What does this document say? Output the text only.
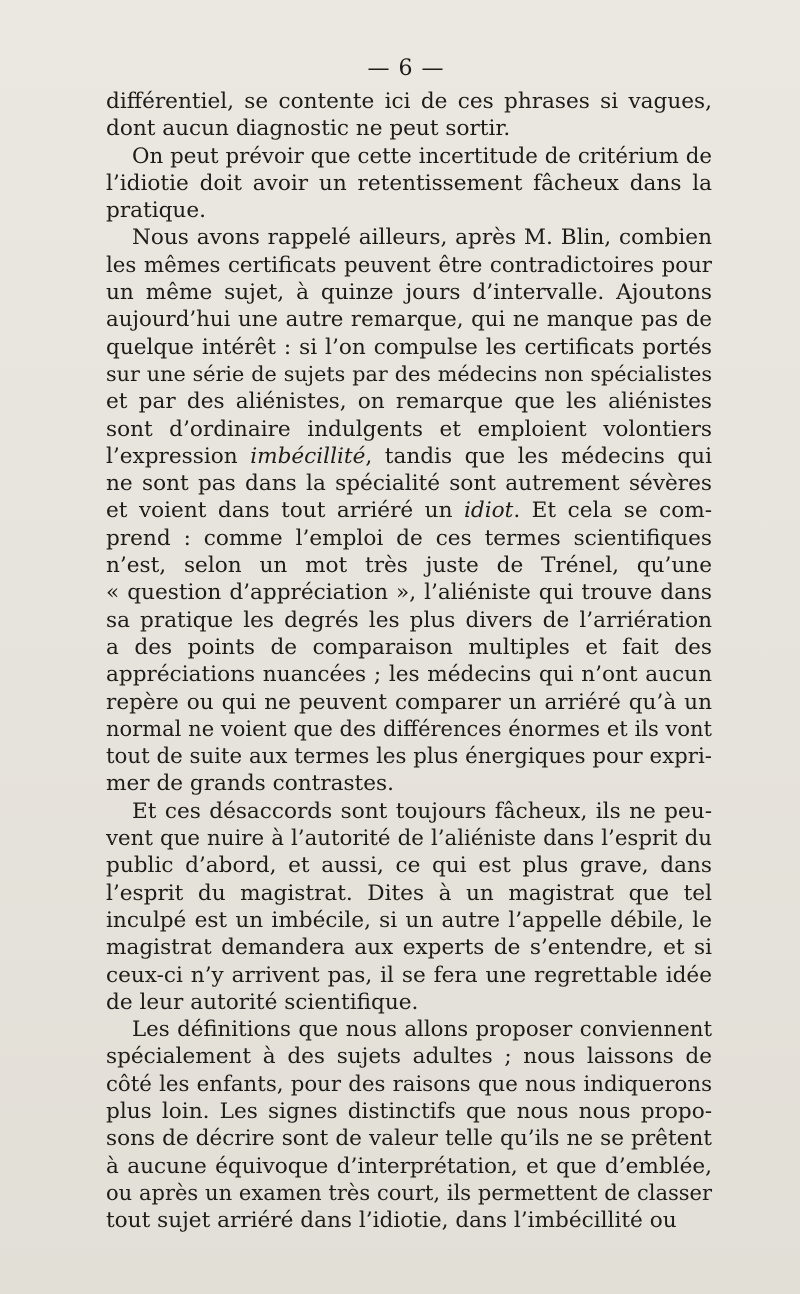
— 6 —
différentiel, se contente ici de ces phrases si vagues,
dont aucun diagnostic ne peut sortir.
On peut prévoir que cette incertitude de critérium de
l’idiotie doit avoir un retentissement fâcheux dans la
pratique.
Nous avons rappelé ailleurs, après M. Blin, combien
les mêmes certificats peuvent être contradictoires pour
un même sujet, à quinze jours d’intervalle. Ajoutons
aujourd’hui une autre remarque, qui ne manque pas de
quelque intérêt : si l’on compulse les certificats portés
sur une série de sujets par des médecins non spécialistes
et par des aliénistes, on remarque que les aliénistes
sont d’ordinaire indulgents et emploient volontiers
l’expression imbécillité, tandis que les médecins qui
ne sont pas dans la spécialité sont autrement sévères
et voient dans tout arriéré un idiot. Et cela se com-
prend : comme l’emploi de ces termes scientifiques
n’est, selon un mot très juste de Trénel, qu’une
« question d’appréciation », l’aliéniste qui trouve dans
sa pratique les degrés les plus divers de l’arriération
a des points de comparaison multiples et fait des
appréciations nuancées ; les médecins qui n’ont aucun
repère ou qui ne peuvent comparer un arriéré qu’à un
normal ne voient que des différences énormes et ils vont
tout de suite aux termes les plus énergiques pour expri-
mer de grands contrastes.
Et ces désaccords sont toujours fâcheux, ils ne peu-
vent que nuire à l’autorité de l’aliéniste dans l’esprit du
public d’abord, et aussi, ce qui est plus grave, dans
l’esprit du magistrat. Dites à un magistrat que tel
inculpé est un imbécile, si un autre l’appelle débile, le
magistrat demandera aux experts de s’entendre, et si
ceux-ci n’y arrivent pas, il se fera une regrettable idée
de leur autorité scientifique.
Les définitions que nous allons proposer conviennent
spécialement à des sujets adultes ; nous laissons de
côté les enfants, pour des raisons que nous indiquerons
plus loin. Les signes distinctifs que nous nous propo-
sons de décrire sont de valeur telle qu’ils ne se prêtent
à aucune équivoque d’interprétation, et que d’emblée,
ou après un examen très court, ils permettent de classer
tout sujet arriéré dans l’idiotie, dans l’imbécillité ou
